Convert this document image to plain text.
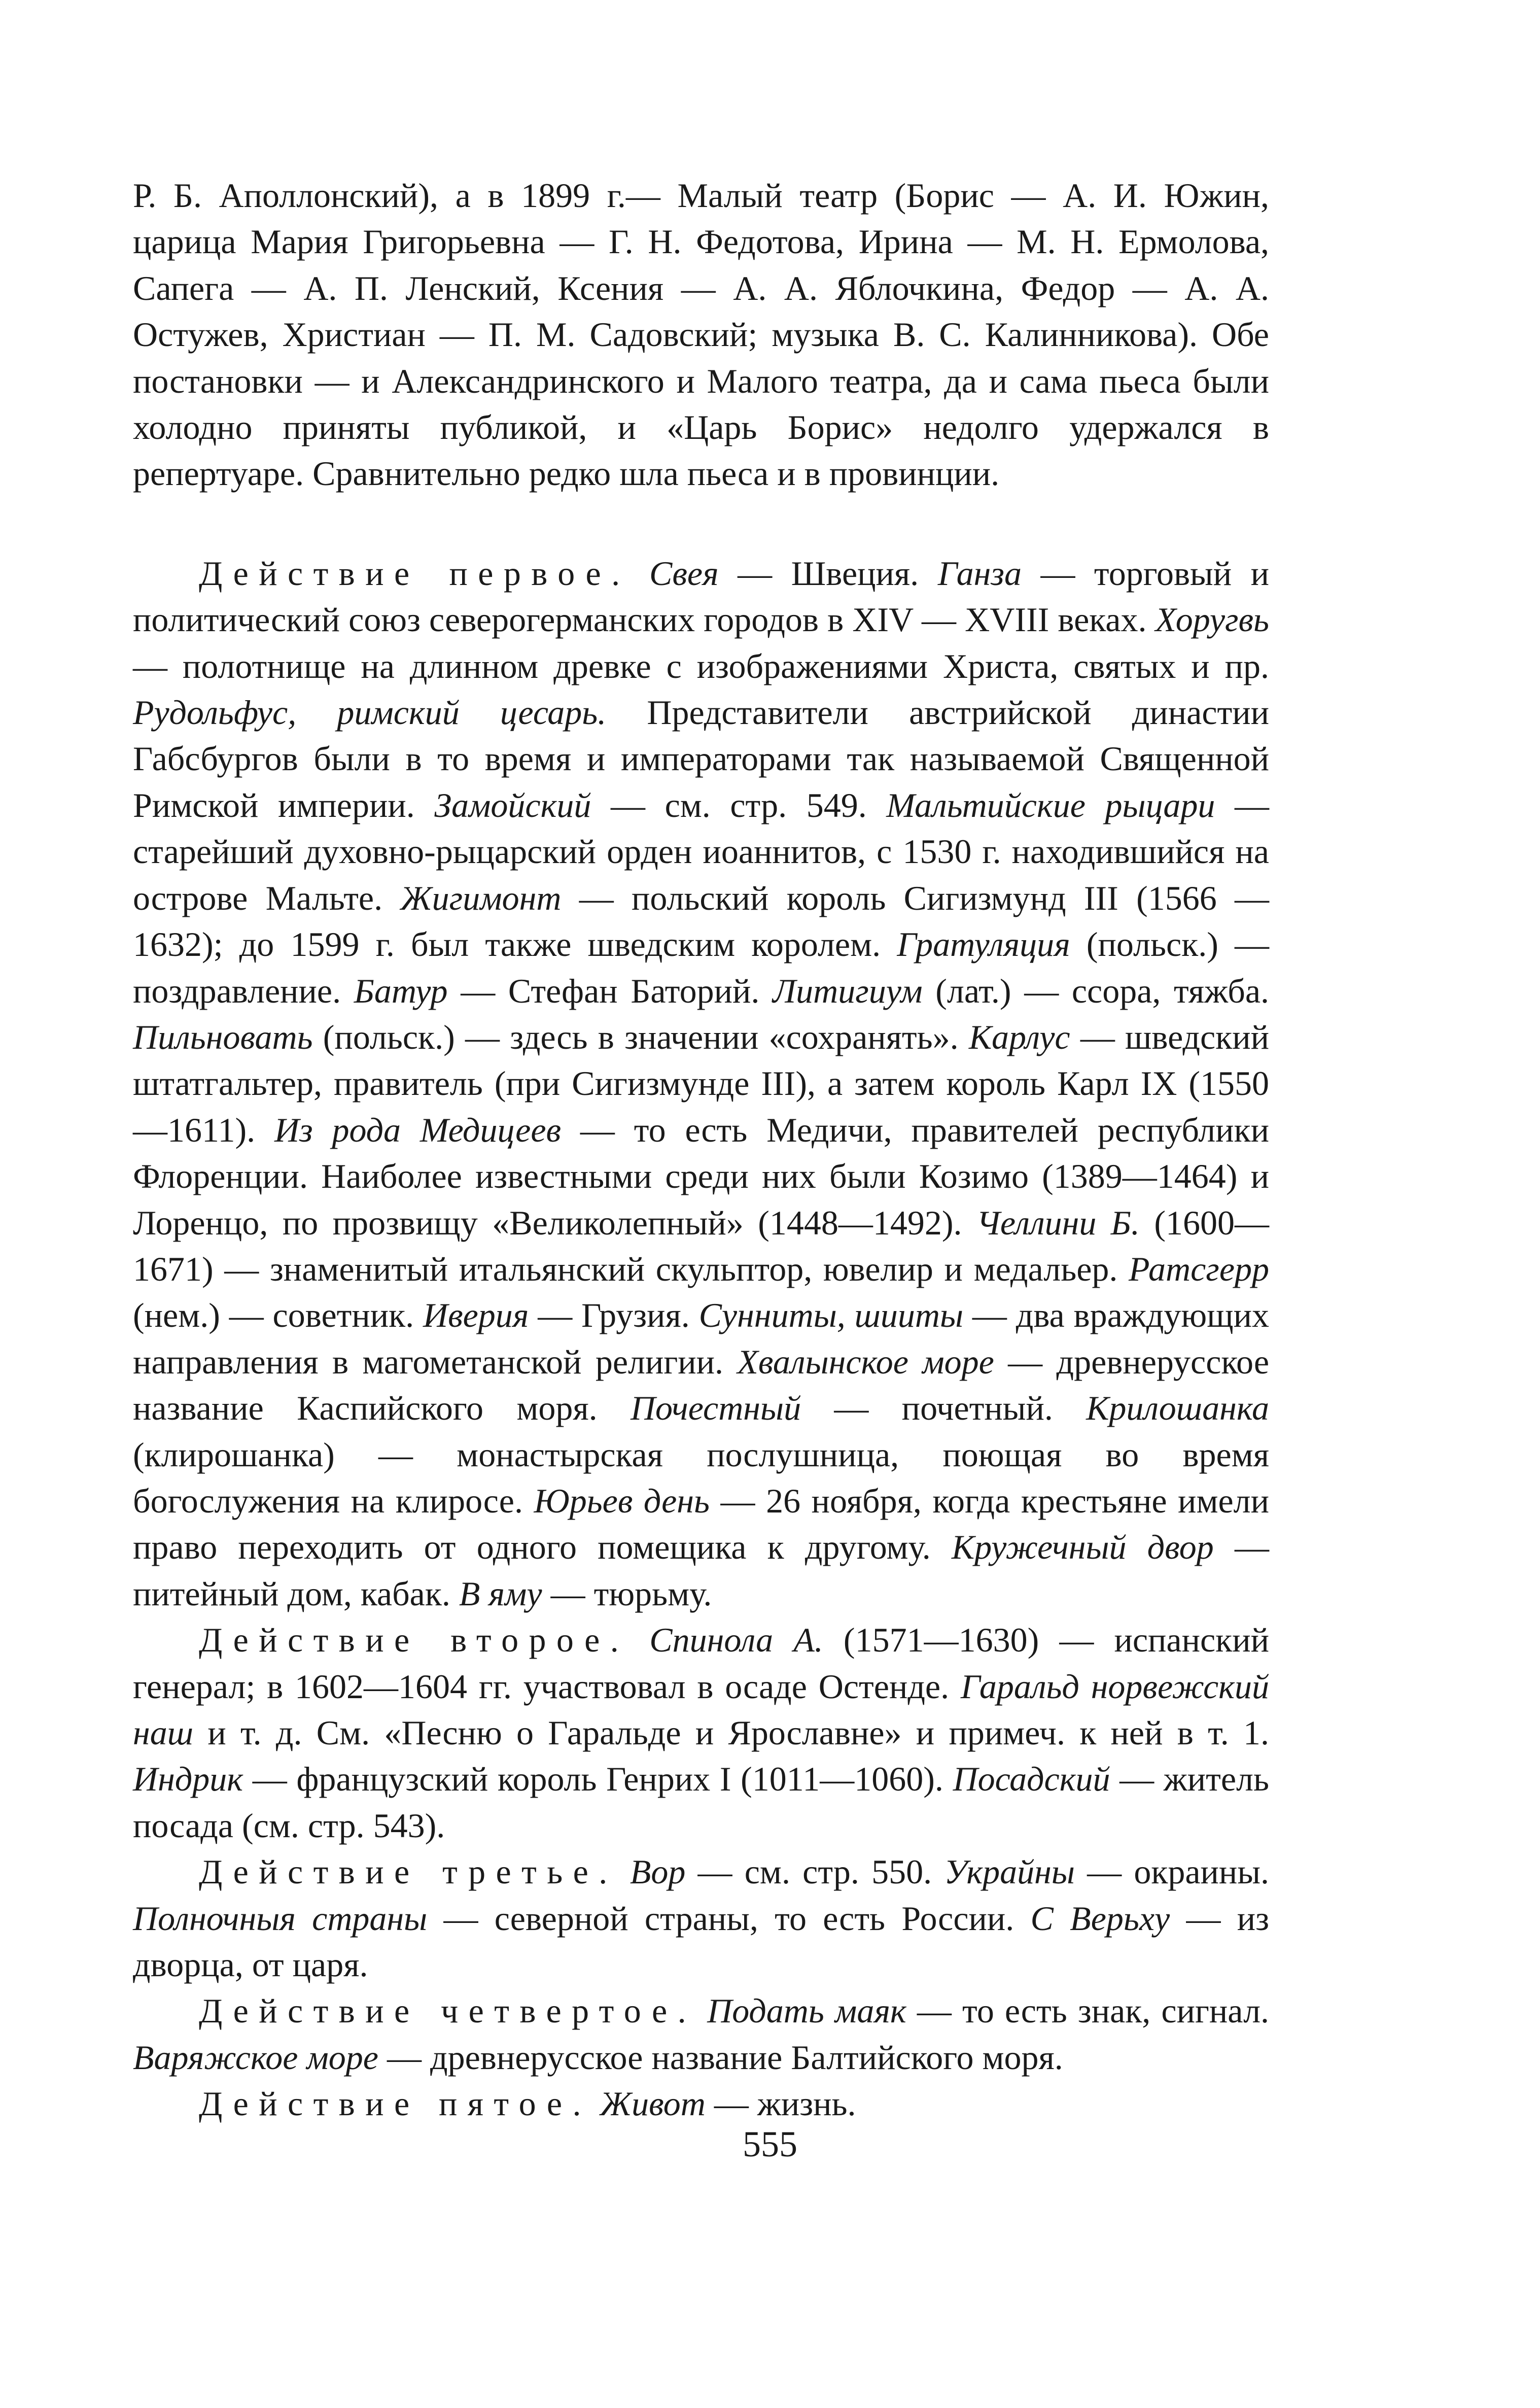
Р. Б. Аполлонский), а в 1899 г.— Малый театр (Борис — А. И. Южин, царица Мария Григорьевна — Г. Н. Федотова, Ирина — М. Н. Ермолова, Сапега — А. П. Ленский, Ксения — А. А. Яблочкина, Федор — А. А. Остужев, Христиан — П. М. Садовский; музыка В. С. Калинникова). Обе постановки — и Александринского и Малого театра, да и сама пьеса были холодно приняты публикой, и «Царь Борис» недолго удержался в репертуаре. Сравнительно редко шла пьеса и в провинции.

Действие первое. Свея — Швеция. Ганза — торговый и политический союз северогерманских городов в XIV — XVIII веках. Хоругвь — полотнище на длинном древке с изображениями Христа, святых и пр. Рудольфус, римский цесарь. Представители австрийской династии Габсбургов были в то время и императорами так называемой Священной Римской империи. Замойский — см. стр. 549. Мальтийские рыцари — старейший духовно-рыцарский орден иоаннитов, с 1530 г. находившийся на острове Мальте. Жигимонт — польский король Сигизмунд III (1566 — 1632); до 1599 г. был также шведским королем. Гратуляция (польск.) — поздравление. Батур — Стефан Баторий. Литигиум (лат.) — ссора, тяжба. Пильновать (польск.) — здесь в значении «сохранять». Карлус — шведский штатгальтер, правитель (при Сигизмунде III), а затем король Карл IX (1550—1611). Из рода Медицеев — то есть Медичи, правителей республики Флоренции. Наиболее известными среди них были Козимо (1389—1464) и Лоренцо, по прозвищу «Великолепный» (1448—1492). Челлини Б. (1600—1671) — знаменитый итальянский скульптор, ювелир и медальер. Ратсгерр (нем.) — советник. Иверия — Грузия. Сунниты, шииты — два враждующих направления в магометанской религии. Хвалынское море — древнерусское название Каспийского моря. Почестный — почетный. Крилошанка (клирошанка) — монастырская послушница, поющая во время богослужения на клиросе. Юрьев день — 26 ноября, когда крестьяне имели право переходить от одного помещика к другому. Кружечный двор — питейный дом, кабак. В яму — тюрьму.

Действие второе. Спинола А. (1571—1630) — испанский генерал; в 1602—1604 гг. участвовал в осаде Остенде. Гаральд норвежский наш и т. д. См. «Песню о Гаральде и Ярославне» и примеч. к ней в т. 1. Индрик — французский король Генрих I (1011—1060). Посадский — житель посада (см. стр. 543).

Действие третье. Вор — см. стр. 550. Украйны — окраины. Полночныя страны — северной страны, то есть России. С Верьху — из дворца, от царя.

Действие четвертое. Подать маяк — то есть знак, сигнал. Варяжское море — древнерусское название Балтийского моря.

Действие пятое. Живот — жизнь.

555
